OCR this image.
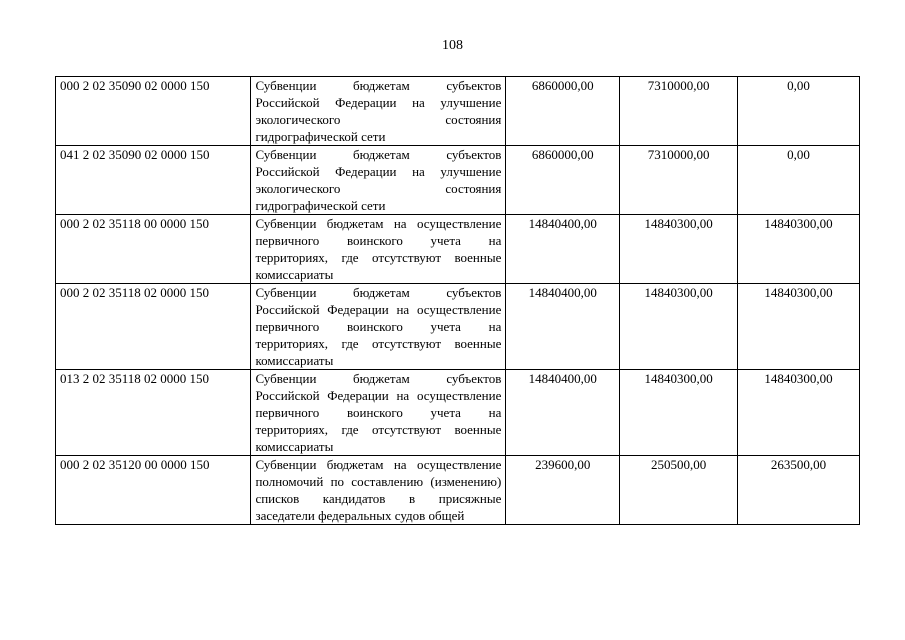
108
000 2 02 35090 02 0000 150	Субвенции бюджетам субъектов Российской Федерации на улучшение экологического состояния гидрографической сети	6860000,00	7310000,00	0,00
041 2 02 35090 02 0000 150	Субвенции бюджетам субъектов Российской Федерации на улучшение экологического состояния гидрографической сети	6860000,00	7310000,00	0,00
000 2 02 35118 00 0000 150	Субвенции бюджетам на осуществление первичного воинского учета на территориях, где отсутствуют военные комиссариаты	14840400,00	14840300,00	14840300,00
000 2 02 35118 02 0000 150	Субвенции бюджетам субъектов Российской Федерации на осуществление первичного воинского учета на территориях, где отсутствуют военные комиссариаты	14840400,00	14840300,00	14840300,00
013 2 02 35118 02 0000 150	Субвенции бюджетам субъектов Российской Федерации на осуществление первичного воинского учета на территориях, где отсутствуют военные комиссариаты	14840400,00	14840300,00	14840300,00
000 2 02 35120 00 0000 150	Субвенции бюджетам на осуществление полномочий по составлению (изменению) списков кандидатов в присяжные заседатели федеральных судов общей	239600,00	250500,00	263500,00
